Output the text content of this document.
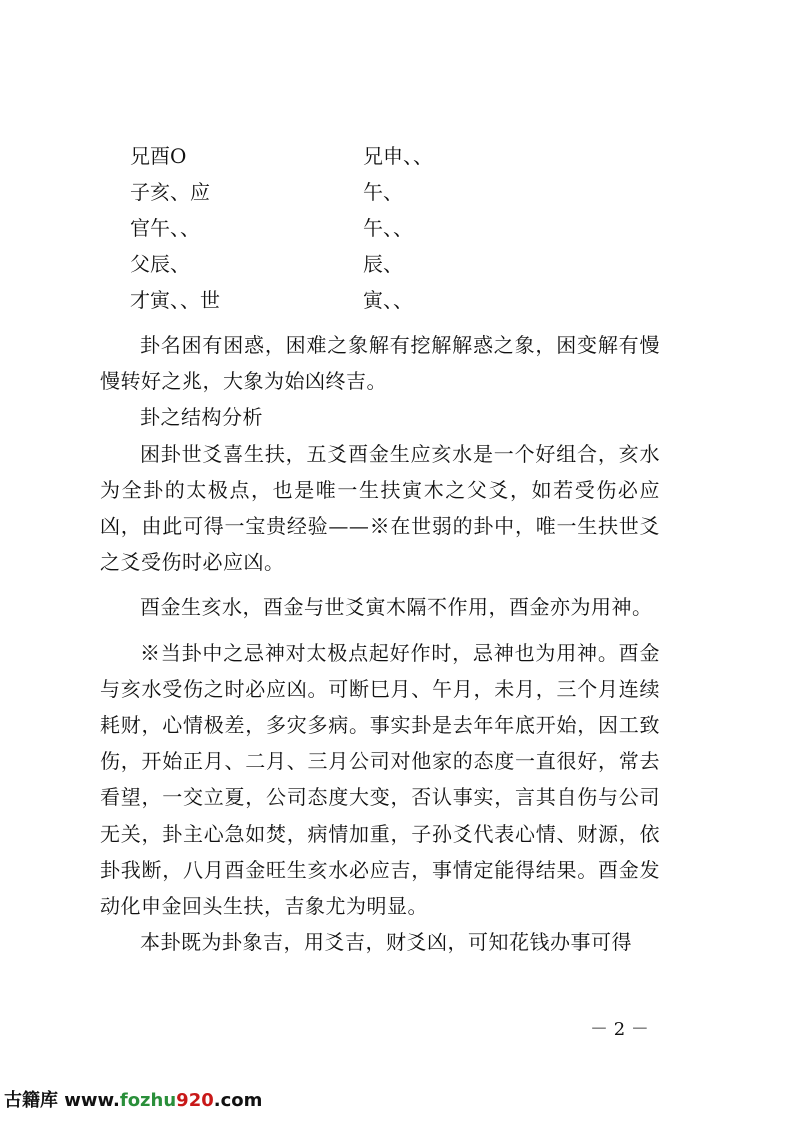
兄酉O	兄申、、
子亥、应	午、
官午、、	午、、
父辰、	辰、
才寅、、世	寅、、

卦名困有困惑，困难之象解有挖解解惑之象，困变解有慢慢转好之兆，大象为始凶终吉。

卦之结构分析

困卦世爻喜生扶，五爻酉金生应亥水是一个好组合，亥水为全卦的太极点，也是唯一生扶寅木之父爻，如若受伤必应凶，由此可得一宝贵经验——※在世弱的卦中，唯一生扶世爻之爻受伤时必应凶。

酉金生亥水，酉金与世爻寅木隔不作用，酉金亦为用神。

※当卦中之忌神对太极点起好作时，忌神也为用神。酉金与亥水受伤之时必应凶。可断巳月、午月，未月，三个月连续耗财，心情极差，多灾多病。事实卦是去年年底开始，因工致伤，开始正月、二月、三月公司对他家的态度一直很好，常去看望，一交立夏，公司态度大变，否认事实，言其自伤与公司无关，卦主心急如焚，病情加重，子孙爻代表心情、财源，依卦我断，八月酉金旺生亥水必应吉，事情定能得结果。酉金发动化申金回头生扶，吉象尤为明显。

本卦既为卦象吉，用爻吉，财爻凶，可知花钱办事可得

－ 2 －
古籍库 www.fozhu920.com
